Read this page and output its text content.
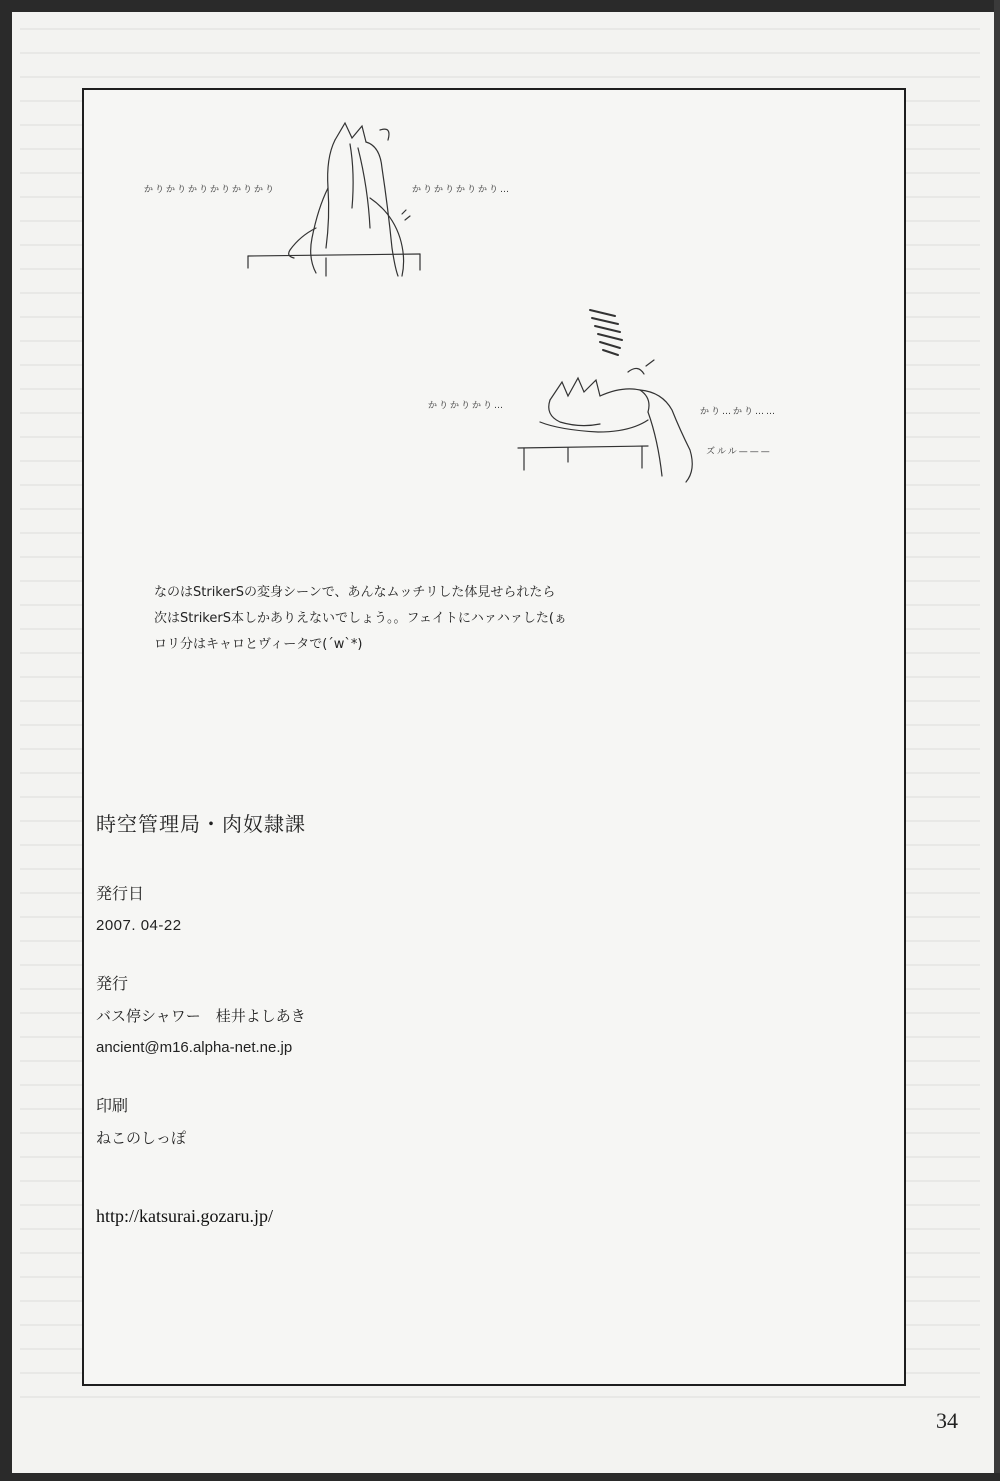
かりかりかりかりかりかり	かりかりかりかり…
かりかりかり…
かり…かり……
ズルル———
なのはStrikerSの変身シーンで、あんなムッチリした体見せられたら
次はStrikerS本しかありえないでしょう。。フェイトにハァハァした(ぁ
ロリ分はキャロとヴィータで(´w`*)
時空管理局・肉奴隷課
発行日
2007. 04-22
発行
バス停シャワー　桂井よしあき
ancient@m16.alpha-net.ne.jp
印刷
ねこのしっぽ
http://katsurai.gozaru.jp/
34
